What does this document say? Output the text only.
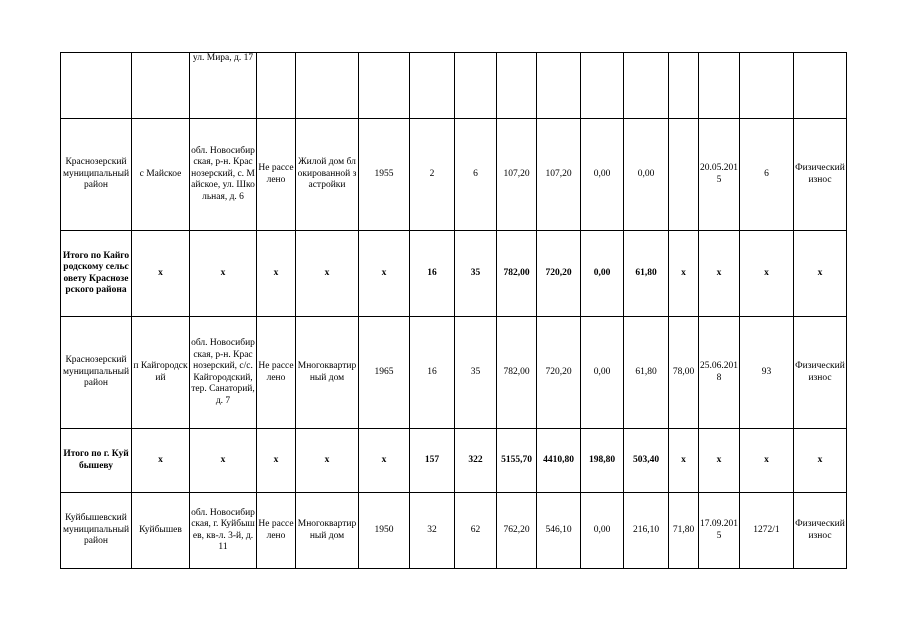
		ул. Мира, д. 17													
Краснозерский муниципальный район	с Майское	обл. Новосибирская, р-н. Краснозерский, с. Майское, ул. Школьная, д. 6	Не расселено	Жилой дом блокированной застройки	1955	2	6	107,20	107,20	0,00	0,00		20.05.2015	6	Физический износ
Итого по Кайгородскому сельсовету Краснозерского района	x	x	x	x	x	16	35	782,00	720,20	0,00	61,80	x	x	x	x
Краснозерский муниципальный район	п Кайгородский	обл. Новосибирская, р-н. Краснозерский, с/с. Кайгородский, тер. Санаторий, д. 7	Не расселено	Многоквартирный дом	1965	16	35	782,00	720,20	0,00	61,80	78,00	25.06.2018	93	Физический износ
Итого по г. Куйбышеву	x	x	x	x	x	157	322	5155,70	4410,80	198,80	503,40	x	x	x	x
Куйбышевский муниципальный район	Куйбышев	обл. Новосибирская, г. Куйбышев, кв-л. 3-й, д. 11	Не расселено	Многоквартирный дом	1950	32	62	762,20	546,10	0,00	216,10	71,80	17.09.2015	1272/1	Физический износ
